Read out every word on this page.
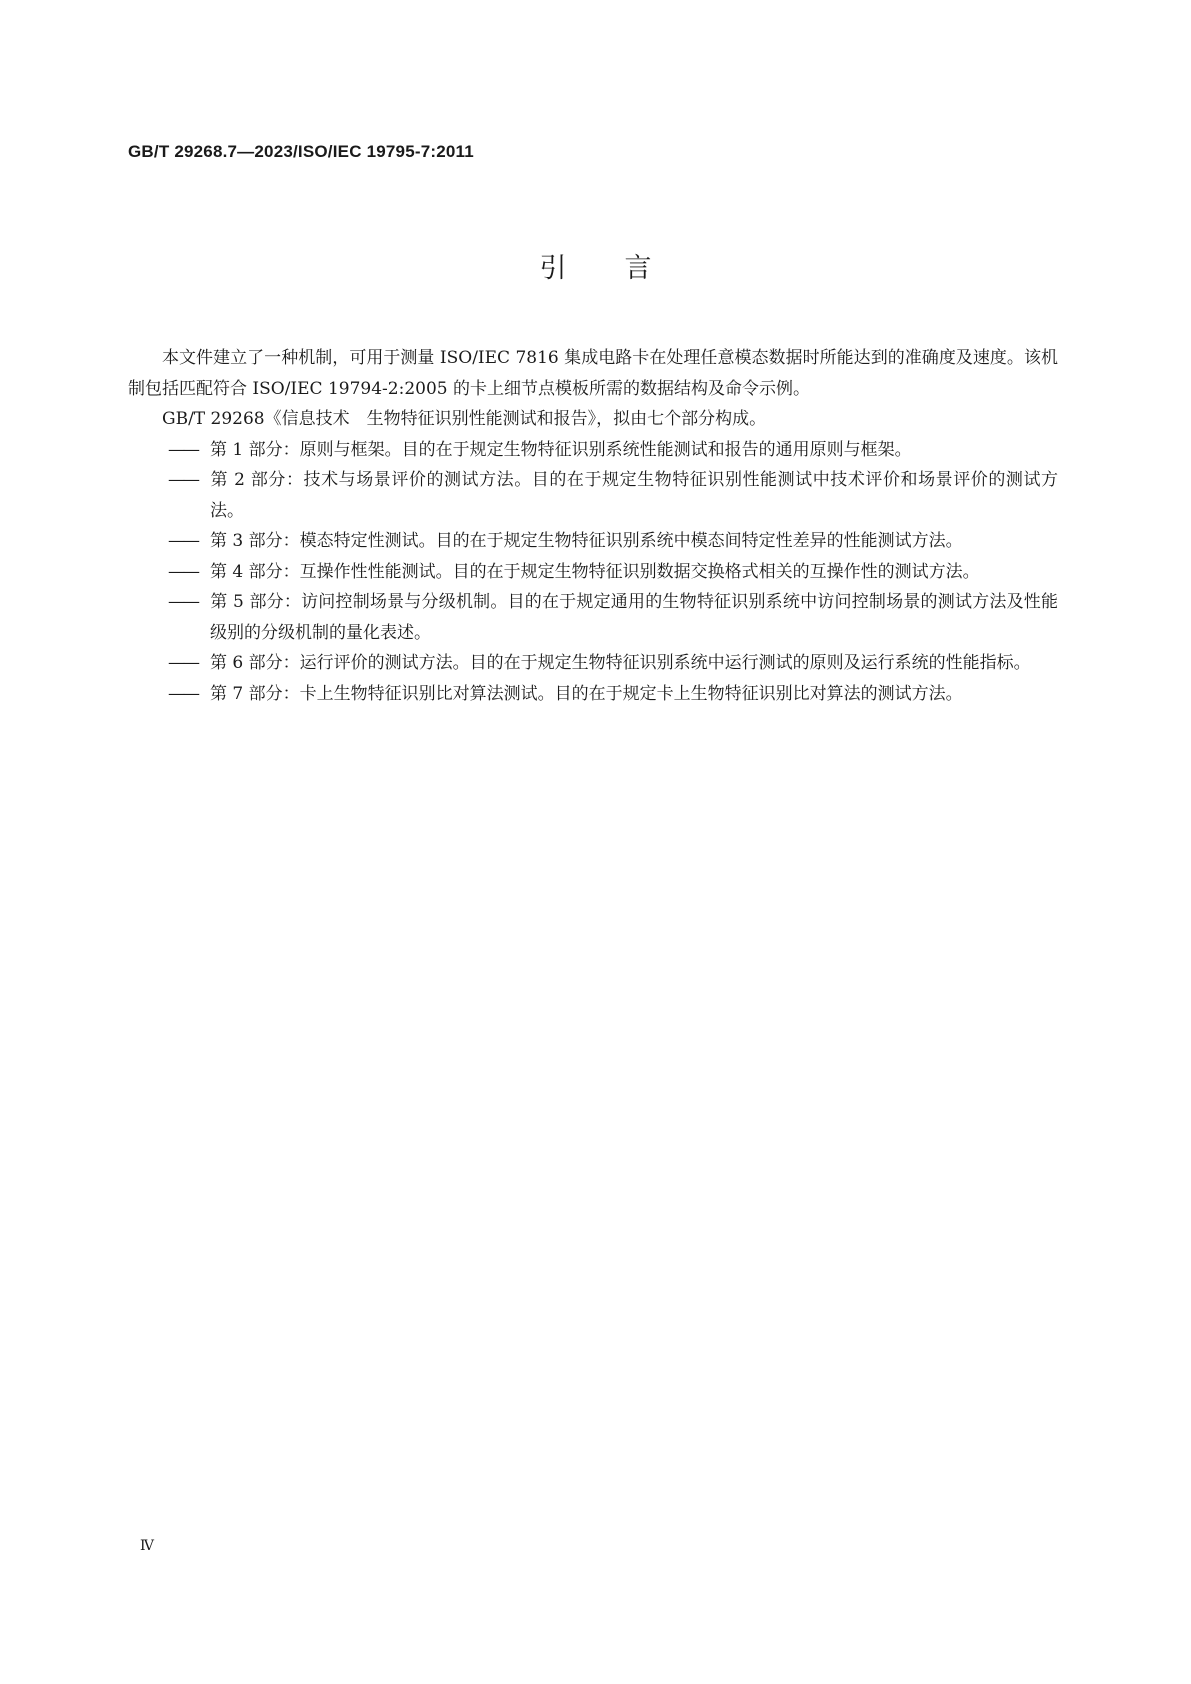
GB/T 29268.7—2023/ISO/IEC 19795-7:2011
引言

本文件建立了一种机制，可用于测量 ISO/IEC 7816 集成电路卡在处理任意模态数据时所能达到的准确度及速度。该机制包括匹配符合 ISO/IEC 19794-2:2005 的卡上细节点模板所需的数据结构及命令示例。

GB/T 29268《信息技术　生物特征识别性能测试和报告》，拟由七个部分构成。

—— 第 1 部分：原则与框架。目的在于规定生物特征识别系统性能测试和报告的通用原则与框架。

—— 第 2 部分：技术与场景评价的测试方法。目的在于规定生物特征识别性能测试中技术评价和场景评价的测试方法。

—— 第 3 部分：模态特定性测试。目的在于规定生物特征识别系统中模态间特定性差异的性能测试方法。

—— 第 4 部分：互操作性性能测试。目的在于规定生物特征识别数据交换格式相关的互操作性的测试方法。

—— 第 5 部分：访问控制场景与分级机制。目的在于规定通用的生物特征识别系统中访问控制场景的测试方法及性能级别的分级机制的量化表述。

—— 第 6 部分：运行评价的测试方法。目的在于规定生物特征识别系统中运行测试的原则及运行系统的性能指标。

—— 第 7 部分：卡上生物特征识别比对算法测试。目的在于规定卡上生物特征识别比对算法的测试方法。

Ⅳ
